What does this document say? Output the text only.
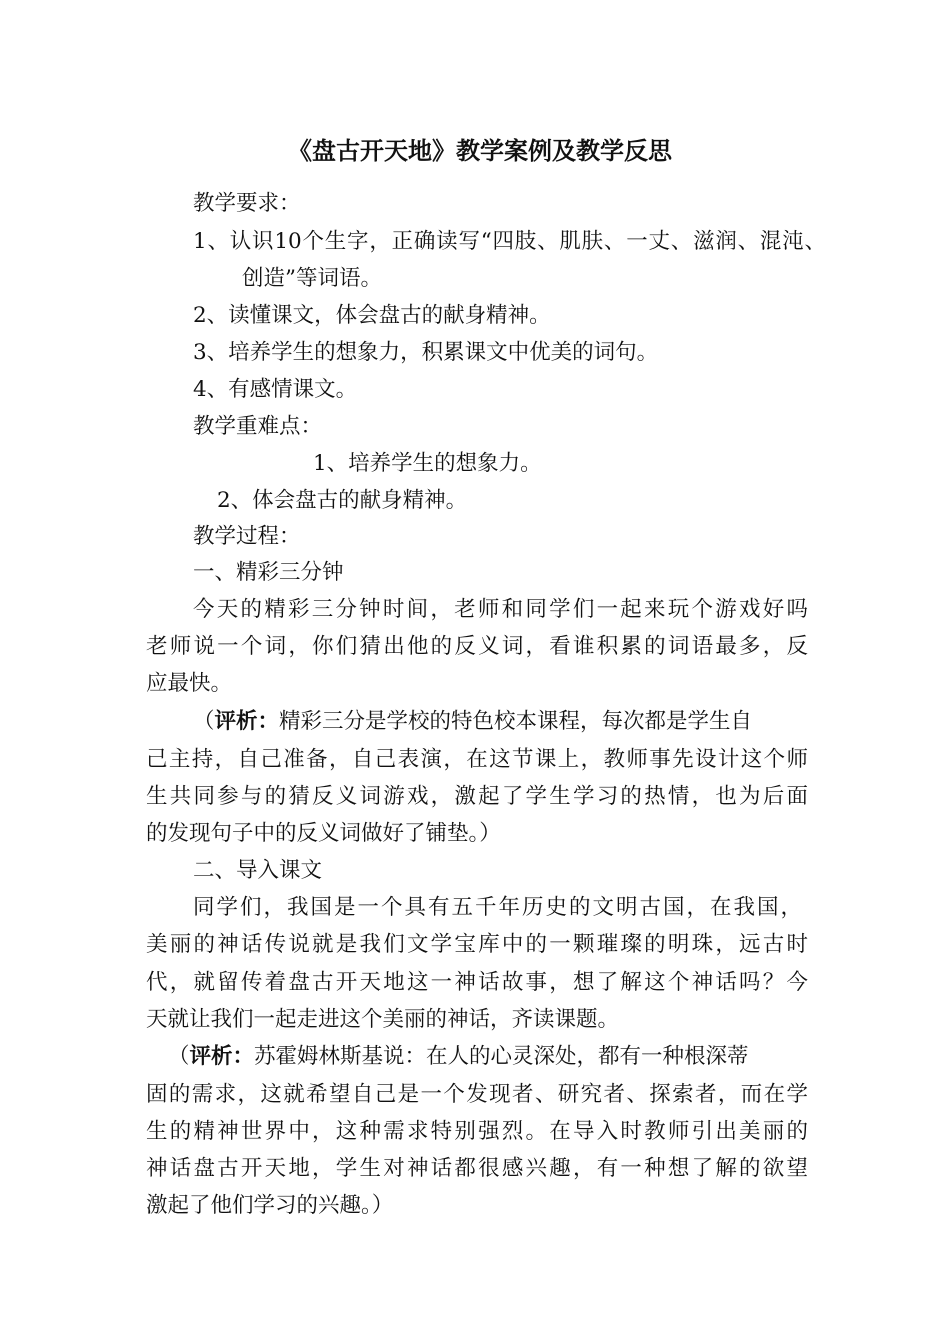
《盘古开天地》教学案例及教学反思
教学要求：
1、认识10个生字，正确读写“四肢、肌肤、一丈、滋润、混沌、
创造”等词语。
2、读懂课文，体会盘古的献身精神。
3、培养学生的想象力，积累课文中优美的词句。
4、有感情课文。
教学重难点：
1、培养学生的想象力。
2、体会盘古的献身精神。
教学过程：
一、精彩三分钟
今天的精彩三分钟时间，老师和同学们一起来玩个游戏好吗
老师说一个词，你们猜出他的反义词，看谁积累的词语最多，反
应最快。
（评析：精彩三分是学校的特色校本课程，每次都是学生自
己主持，自己准备，自己表演，在这节课上，教师事先设计这个师
生共同参与的猜反义词游戏，激起了学生学习的热情，也为后面
的发现句子中的反义词做好了铺垫。）
二、导入课文
同学们，我国是一个具有五千年历史的文明古国，在我国，
美丽的神话传说就是我们文学宝库中的一颗璀璨的明珠，远古时
代，就留传着盘古开天地这一神话故事，想了解这个神话吗？今
天就让我们一起走进这个美丽的神话，齐读课题。
（评析：苏霍姆林斯基说：在人的心灵深处，都有一种根深蒂
固的需求，这就希望自己是一个发现者、研究者、探索者，而在学
生的精神世界中，这种需求特别强烈。在导入时教师引出美丽的
神话盘古开天地，学生对神话都很感兴趣，有一种想了解的欲望
激起了他们学习的兴趣。）
